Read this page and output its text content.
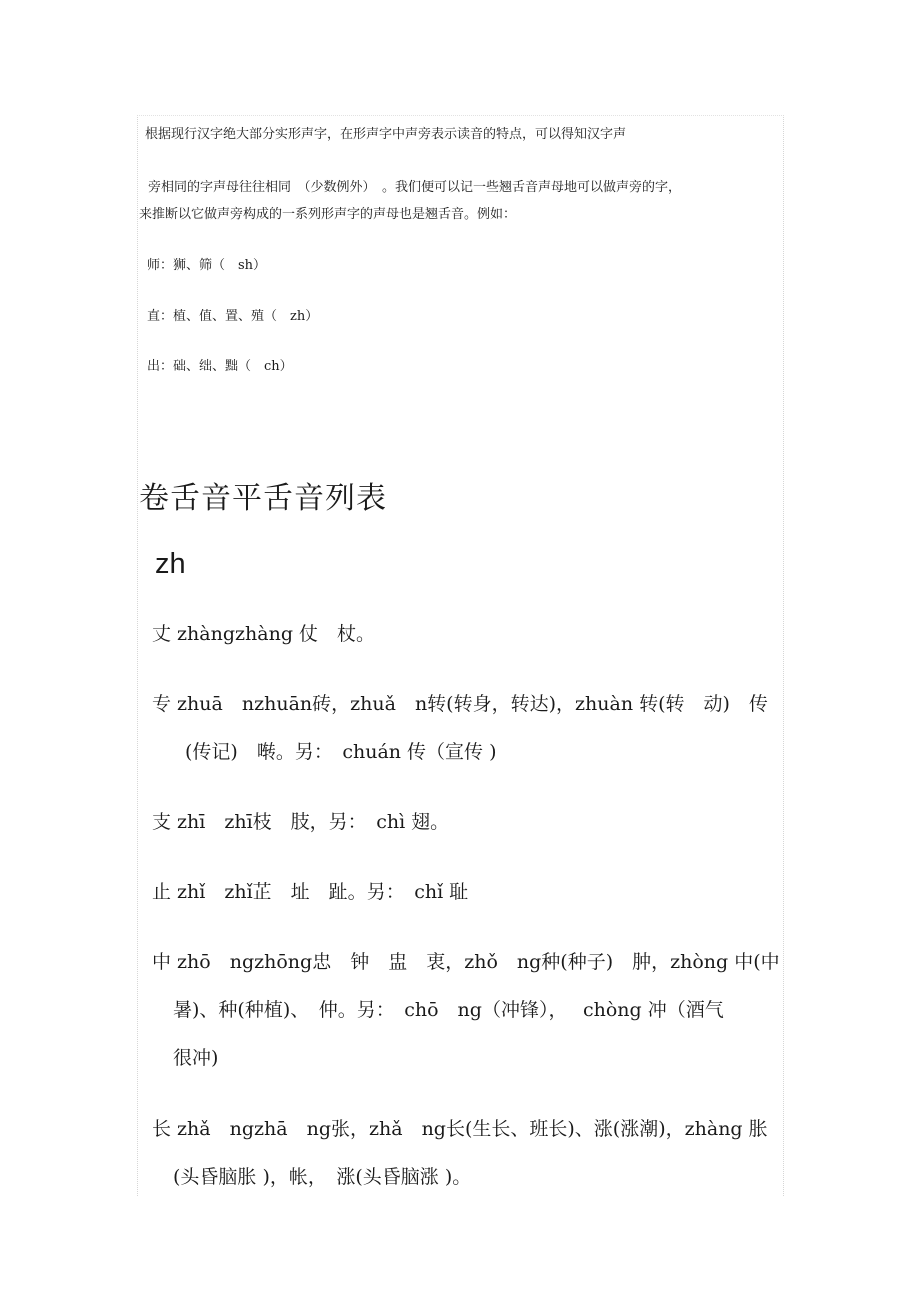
根据现行汉字绝大部分实形声字，在形声字中声旁表示读音的特点，可以得知汉字声
旁相同的字声母往往相同　（少数例外）　。我们便可以记一些翘舌音声母地可以做声旁的字，
来推断以它做声旁构成的一系列形声字的声母也是翘舌音。例如：
师：狮、筛（　sh）
直：植、值、置、殖（　zh）
出：础、绌、黜（　ch）
卷舌音平舌音列表
zh
丈 zhàngzhàng 仗　杖。
专 zhuā　nzhuān砖，zhuǎ　n转(转身，转达)，zhuàn 转(转　动)　传
(传记)　啭。另：　chuán 传（宣传 )
支 zhī　zhī枝　肢，另：　chì 翅。
止 zhǐ　zhǐ芷　址　趾。另：　chǐ 耻
中 zhō　ngzhōng忠　钟　盅　衷，zhǒ　ng种(种子)　肿，zhòng 中(中
暑)、种(种植)、　仲。另：　chō　ng（冲锋），　 chòng 冲（酒气
很冲)
长 zhǎ　ngzhā　ng张，zhǎ　ng长(生长、班长)、涨(涨潮)，zhàng 胀
(头昏脑胀 )，帐，　涨(头昏脑涨 )。
